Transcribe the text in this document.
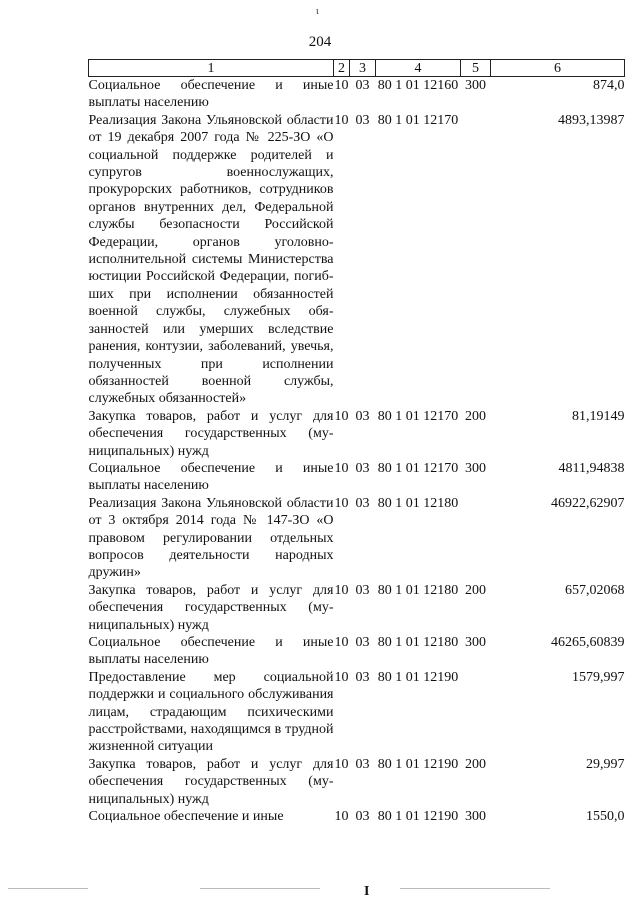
ι
204
1	2	3	4	5	6
Социальное обеспечение и иные выплаты населению	10	03	80 1 01 12160	300	874,0
Реализация Закона Ульяновской области от 19 декабря 2007 года № 225-ЗО «О социальной поддержке родителей и супругов военнослужащих, прокурорских работников, сотрудников органов внутренних дел, Федеральной службы безопасности Российской Федерации, органов уголовно-исполнительной системы Министерства юстиции Российской Федерации, погибших при исполнении обязанностей военной службы, служебных обязанностей или умерших вследствие ранения, контузии, заболеваний, увечья, полученных при исполнении обязанностей военной службы, служебных обязанностей»	10	03	80 1 01 12170		4893,13987
Закупка товаров, работ и услуг для обеспечения государственных (муниципальных) нужд	10	03	80 1 01 12170	200	81,19149
Социальное обеспечение и иные выплаты населению	10	03	80 1 01 12170	300	4811,94838
Реализация Закона Ульяновской области от 3 октября 2014 года № 147-ЗО «О правовом регулировании отдельных вопросов деятельности народных дружин»	10	03	80 1 01 12180		46922,62907
Закупка товаров, работ и услуг для обеспечения государственных (муниципальных) нужд	10	03	80 1 01 12180	200	657,02068
Социальное обеспечение и иные выплаты населению	10	03	80 1 01 12180	300	46265,60839
Предоставление мер социальной поддержки и социального обслуживания лицам, страдающим психическими расстройствами, находящимся в трудной жизненной ситуации	10	03	80 1 01 12190		1579,997
Закупка товаров, работ и услуг для обеспечения государственных (муниципальных) нужд	10	03	80 1 01 12190	200	29,997
Социальное обеспечение и иные	10	03	80 1 01 12190	300	1550,0
I
